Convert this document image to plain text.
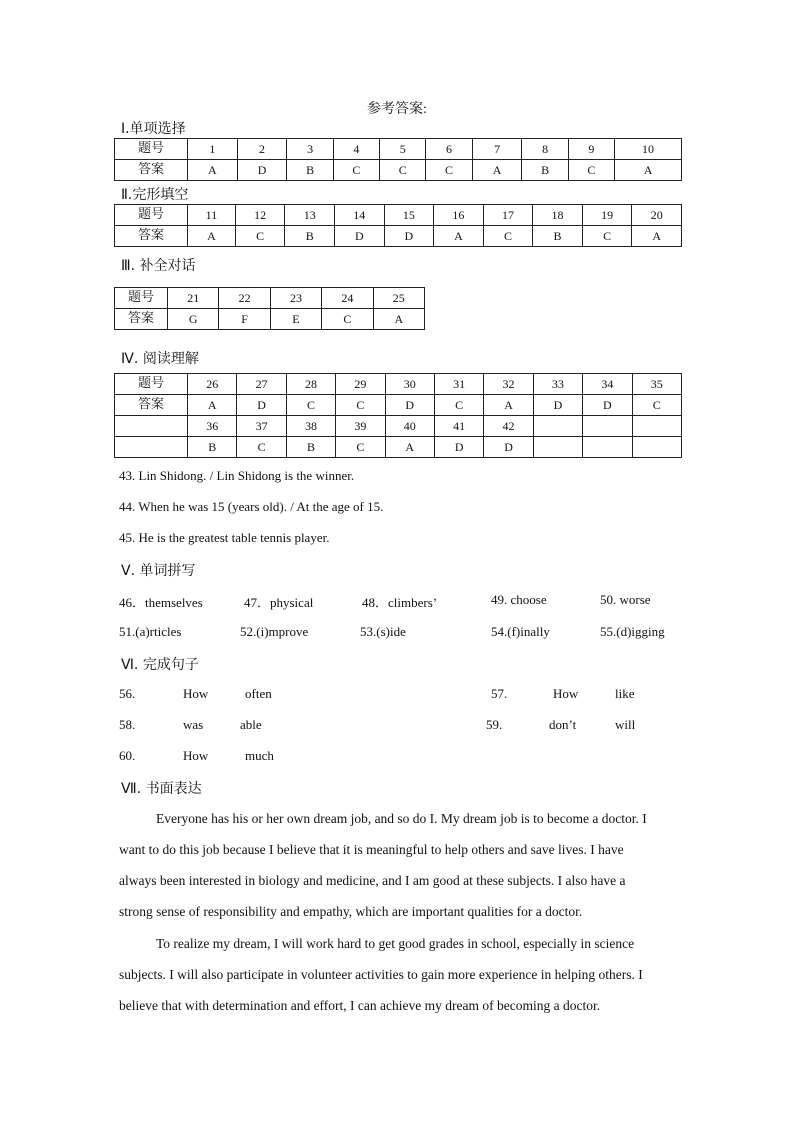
参考答案:
Ⅰ.单项选择
题号	1	2	3	4	5	6	7	8	9	10
答案	A	D	B	C	C	C	A	B	C	A
Ⅱ.完形填空
题号	11	12	13	14	15	16	17	18	19	20
答案	A	C	B	D	D	A	C	B	C	A
Ⅲ. 补全对话
题号	21	22	23	24	25
答案	G	F	E	C	A
Ⅳ. 阅读理解
题号	26	27	28	29	30	31	32	33	34	35
答案	A	D	C	C	D	C	A	D	D	C
	36	37	38	39	40	41	42			
	B	C	B	C	A	D	D			
43. Lin Shidong. / Lin Shidong is the winner.
44. When he was 15 (years old). / At the age of 15.
45. He is the greatest table tennis player.
Ⅴ. 单词拼写
46．themselves	47．physical	48．climbers’	49. choose	50. worse
51.(a)rticles	52.(i)mprove	53.(s)ide	54.(f)inally	55.(d)igging
Ⅵ. 完成句子
56.	How	often	57.	How	like
58.	was	able	59.	don’t	will
60.	How	much
Ⅶ. 书面表达
Everyone has his or her own dream job, and so do I. My dream job is to become a doctor. I
want to do this job because I believe that it is meaningful to help others and save lives. I have
always been interested in biology and medicine, and I am good at these subjects. I also have a
strong sense of responsibility and empathy, which are important qualities for a doctor.
To realize my dream, I will work hard to get good grades in school, especially in science
subjects. I will also participate in volunteer activities to gain more experience in helping others. I
believe that with determination and effort, I can achieve my dream of becoming a doctor.
